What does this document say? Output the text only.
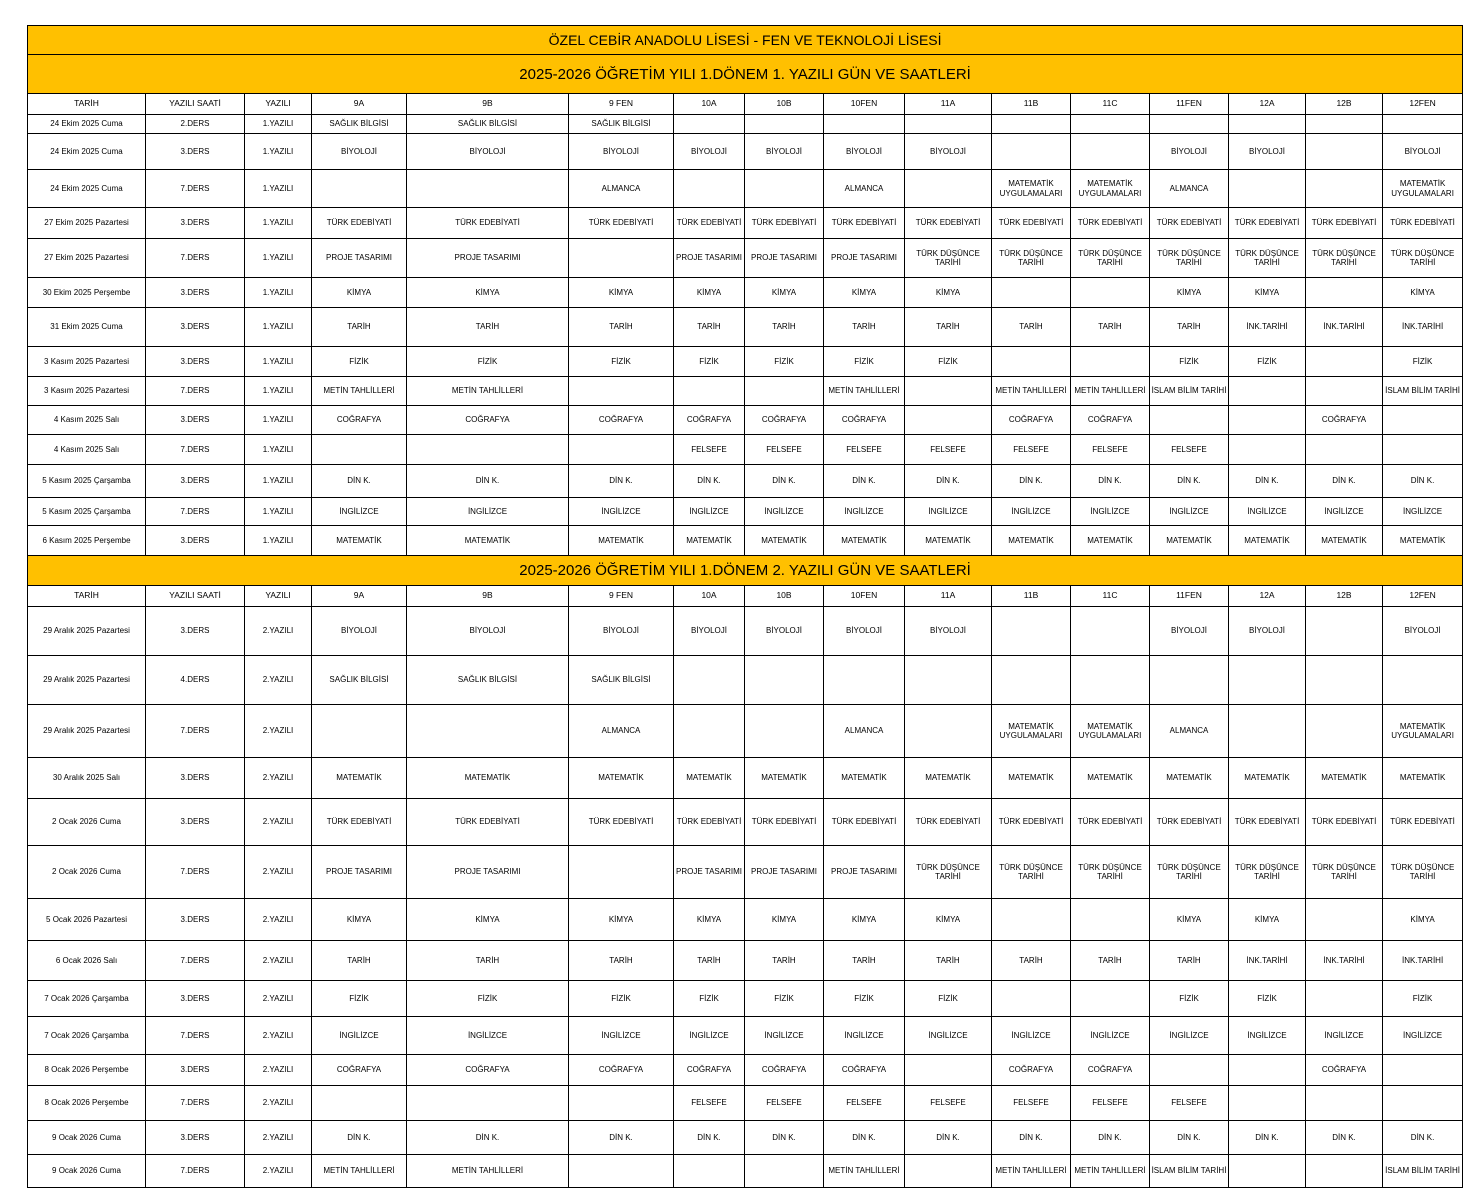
ÖZEL CEBİR ANADOLU LİSESİ - FEN VE TEKNOLOJİ LİSESİ															
2025-2026 ÖĞRETİM YILI 1.DÖNEM 1. YAZILI GÜN VE SAATLERİ															
TARİH	YAZILI SAATİ	YAZILI	9A	9B	9 FEN	10A	10B	10FEN	11A	11B	11C	11FEN	12A	12B	12FEN
24 Ekim 2025 Cuma	2.DERS	1.YAZILI	SAĞLIK BİLGİSİ	SAĞLIK BİLGİSİ	SAĞLIK BİLGİSİ										
24 Ekim 2025 Cuma	3.DERS	1.YAZILI	BİYOLOJİ	BİYOLOJİ	BİYOLOJİ	BİYOLOJİ	BİYOLOJİ	BİYOLOJİ	BİYOLOJİ			BİYOLOJİ	BİYOLOJİ		BİYOLOJİ
24 Ekim 2025 Cuma	7.DERS	1.YAZILI			ALMANCA			ALMANCA		MATEMATİK UYGULAMALARI	MATEMATİK UYGULAMALARI	ALMANCA			MATEMATİK UYGULAMALARI
27 Ekim 2025 Pazartesi	3.DERS	1.YAZILI	TÜRK EDEBİYATİ	TÜRK EDEBİYATİ	TÜRK EDEBİYATİ	TÜRK EDEBİYATİ	TÜRK EDEBİYATİ	TÜRK EDEBİYATİ	TÜRK EDEBİYATİ	TÜRK EDEBİYATİ	TÜRK EDEBİYATİ	TÜRK EDEBİYATİ	TÜRK EDEBİYATİ	TÜRK EDEBİYATİ	TÜRK EDEBİYATİ
27 Ekim 2025 Pazartesi	7.DERS	1.YAZILI	PROJE TASARIMI	PROJE TASARIMI		PROJE TASARIMI	PROJE TASARIMI	PROJE TASARIMI	TÜRK DÜŞÜNCE TARİHİ	TÜRK DÜŞÜNCE TARİHİ	TÜRK DÜŞÜNCE TARİHİ	TÜRK DÜŞÜNCE TARİHİ	TÜRK DÜŞÜNCE TARİHİ	TÜRK DÜŞÜNCE TARİHİ	TÜRK DÜŞÜNCE TARİHİ
30 Ekim 2025 Perşembe	3.DERS	1.YAZILI	KİMYA	KİMYA	KİMYA	KİMYA	KİMYA	KİMYA	KİMYA			KİMYA	KİMYA		KİMYA
31 Ekim 2025 Cuma	3.DERS	1.YAZILI	TARİH	TARİH	TARİH	TARİH	TARİH	TARİH	TARİH	TARİH	TARİH	TARİH	İNK.TARİHİ	İNK.TARİHİ	İNK.TARİHİ
3 Kasım 2025 Pazartesi	3.DERS	1.YAZILI	FİZİK	FİZİK	FİZİK	FİZİK	FİZİK	FİZİK	FİZİK			FİZİK	FİZİK		FİZİK
3 Kasım 2025 Pazartesi	7.DERS	1.YAZILI	METİN TAHLİLLERİ	METİN TAHLİLLERİ				METİN TAHLİLLERİ		METİN TAHLİLLERİ	METİN TAHLİLLERİ	İSLAM BİLİM TARİHİ			İSLAM BİLİM TARİHİ
4 Kasım 2025 Salı	3.DERS	1.YAZILI	COĞRAFYA	COĞRAFYA	COĞRAFYA	COĞRAFYA	COĞRAFYA	COĞRAFYA		COĞRAFYA	COĞRAFYA			COĞRAFYA	
4 Kasım 2025 Salı	7.DERS	1.YAZILI				FELSEFE	FELSEFE	FELSEFE	FELSEFE	FELSEFE	FELSEFE	FELSEFE			
5 Kasım 2025 Çarşamba	3.DERS	1.YAZILI	DİN K.	DİN K.	DİN K.	DİN K.	DİN K.	DİN K.	DİN K.	DİN K.	DİN K.	DİN K.	DİN K.	DİN K.	DİN K.
5 Kasım 2025 Çarşamba	7.DERS	1.YAZILI	İNGİLİZCE	İNGİLİZCE	İNGİLİZCE	İNGİLİZCE	İNGİLİZCE	İNGİLİZCE	İNGİLİZCE	İNGİLİZCE	İNGİLİZCE	İNGİLİZCE	İNGİLİZCE	İNGİLİZCE	İNGİLİZCE
6 Kasım 2025 Perşembe	3.DERS	1.YAZILI	MATEMATİK	MATEMATİK	MATEMATİK	MATEMATİK	MATEMATİK	MATEMATİK	MATEMATİK	MATEMATİK	MATEMATİK	MATEMATİK	MATEMATİK	MATEMATİK	MATEMATİK
2025-2026 ÖĞRETİM YILI 1.DÖNEM 2. YAZILI GÜN VE SAATLERİ															
TARİH	YAZILI SAATİ	YAZILI	9A	9B	9 FEN	10A	10B	10FEN	11A	11B	11C	11FEN	12A	12B	12FEN
29 Aralık 2025 Pazartesi	3.DERS	2.YAZILI	BİYOLOJİ	BİYOLOJİ	BİYOLOJİ	BİYOLOJİ	BİYOLOJİ	BİYOLOJİ	BİYOLOJİ			BİYOLOJİ	BİYOLOJİ		BİYOLOJİ
29 Aralık 2025 Pazartesi	4.DERS	2.YAZILI	SAĞLIK BİLGİSİ	SAĞLIK BİLGİSİ	SAĞLIK BİLGİSİ										
29 Aralık 2025 Pazartesi	7.DERS	2.YAZILI			ALMANCA			ALMANCA		MATEMATİK UYGULAMALARI	MATEMATİK UYGULAMALARI	ALMANCA			MATEMATİK UYGULAMALARI
30 Aralık 2025 Salı	3.DERS	2.YAZILI	MATEMATİK	MATEMATİK	MATEMATİK	MATEMATİK	MATEMATİK	MATEMATİK	MATEMATİK	MATEMATİK	MATEMATİK	MATEMATİK	MATEMATİK	MATEMATİK	MATEMATİK
2 Ocak 2026 Cuma	3.DERS	2.YAZILI	TÜRK EDEBİYATİ	TÜRK EDEBİYATİ	TÜRK EDEBİYATİ	TÜRK EDEBİYATİ	TÜRK EDEBİYATİ	TÜRK EDEBİYATİ	TÜRK EDEBİYATİ	TÜRK EDEBİYATİ	TÜRK EDEBİYATİ	TÜRK EDEBİYATİ	TÜRK EDEBİYATİ	TÜRK EDEBİYATİ	TÜRK EDEBİYATİ
2 Ocak 2026 Cuma	7.DERS	2.YAZILI	PROJE TASARIMI	PROJE TASARIMI		PROJE TASARIMI	PROJE TASARIMI	PROJE TASARIMI	TÜRK DÜŞÜNCE TARİHİ	TÜRK DÜŞÜNCE TARİHİ	TÜRK DÜŞÜNCE TARİHİ	TÜRK DÜŞÜNCE TARİHİ	TÜRK DÜŞÜNCE TARİHİ	TÜRK DÜŞÜNCE TARİHİ	TÜRK DÜŞÜNCE TARİHİ
5 Ocak 2026 Pazartesi	3.DERS	2.YAZILI	KİMYA	KİMYA	KİMYA	KİMYA	KİMYA	KİMYA	KİMYA			KİMYA	KİMYA		KİMYA
6 Ocak 2026 Salı	7.DERS	2.YAZILI	TARİH	TARİH	TARİH	TARİH	TARİH	TARİH	TARİH	TARİH	TARİH	TARİH	İNK.TARİHİ	İNK.TARİHİ	İNK.TARİHİ
7 Ocak 2026 Çarşamba	3.DERS	2.YAZILI	FİZİK	FİZİK	FİZİK	FİZİK	FİZİK	FİZİK	FİZİK			FİZİK	FİZİK		FİZİK
7 Ocak 2026 Çarşamba	7.DERS	2.YAZILI	İNGİLİZCE	İNGİLİZCE	İNGİLİZCE	İNGİLİZCE	İNGİLİZCE	İNGİLİZCE	İNGİLİZCE	İNGİLİZCE	İNGİLİZCE	İNGİLİZCE	İNGİLİZCE	İNGİLİZCE	İNGİLİZCE
8 Ocak 2026 Perşembe	3.DERS	2.YAZILI	COĞRAFYA	COĞRAFYA	COĞRAFYA	COĞRAFYA	COĞRAFYA	COĞRAFYA		COĞRAFYA	COĞRAFYA			COĞRAFYA	
8 Ocak 2026 Perşembe	7.DERS	2.YAZILI				FELSEFE	FELSEFE	FELSEFE	FELSEFE	FELSEFE	FELSEFE	FELSEFE			
9 Ocak 2026 Cuma	3.DERS	2.YAZILI	DİN K.	DİN K.	DİN K.	DİN K.	DİN K.	DİN K.	DİN K.	DİN K.	DİN K.	DİN K.	DİN K.	DİN K.	DİN K.
9 Ocak 2026 Cuma	7.DERS	2.YAZILI	METİN TAHLİLLERİ	METİN TAHLİLLERİ				METİN TAHLİLLERİ		METİN TAHLİLLERİ	METİN TAHLİLLERİ	İSLAM BİLİM TARİHİ			İSLAM BİLİM TARİHİ
